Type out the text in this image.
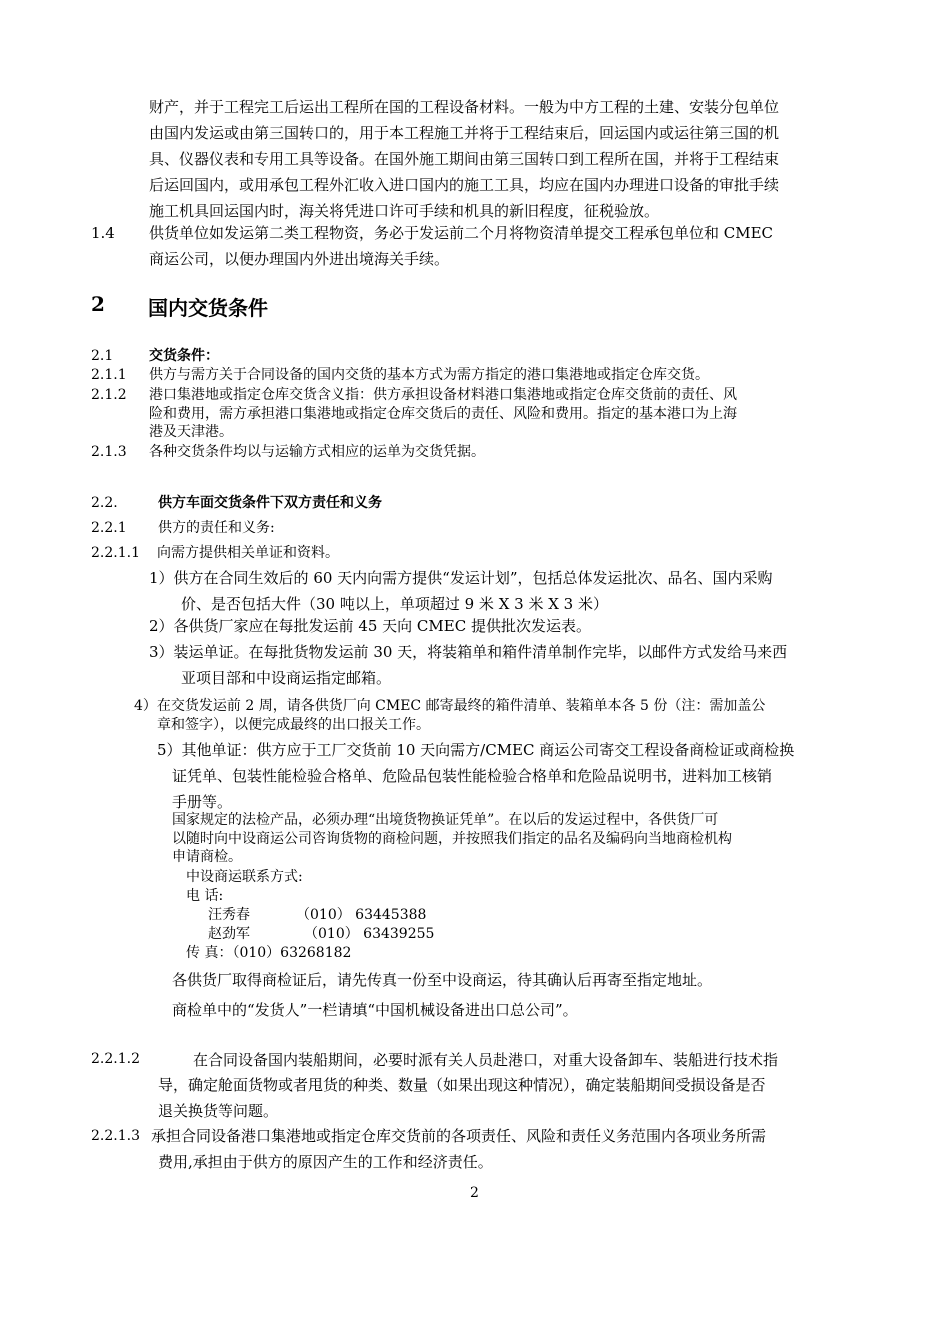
财产，并于工程完工后运出工程所在国的工程设备材料。一般为中方工程的土建、安装分包单位
由国内发运或由第三国转口的，用于本工程施工并将于工程结束后，回运国内或运往第三国的机
具、仪器仪表和专用工具等设备。在国外施工期间由第三国转口到工程所在国，并将于工程结束
后运回国内，或用承包工程外汇收入进口国内的施工工具，均应在国内办理进口设备的审批手续
施工机具回运国内时，海关将凭进口许可手续和机具的新旧程度，征税验放。
1.4 供货单位如发运第二类工程物资，务必于发运前二个月将物资清单提交工程承包单位和 CMEC
商运公司，以便办理国内外进出境海关手续。
2 国内交货条件
2.1	交货条件：
2.1.1 供方与需方关于合同设备的国内交货的基本方式为需方指定的港口集港地或指定仓库交货。
2.1.2 港口集港地或指定仓库交货含义指：供方承担设备材料港口集港地或指定仓库交货前的责任、风
险和费用，需方承担港口集港地或指定仓库交货后的责任、风险和费用。指定的基本港口为上海
港及天津港。
2.1.3 各种交货条件均以与运输方式相应的运单为交货凭据。
2.2.	供方车面交货条件下双方责任和义务
2.2.1 供方的责任和义务:
2.2.1.1 向需方提供相关单证和资料。
1）供方在合同生效后的 60 天内向需方提供“发运计划”，包括总体发运批次、品名、国内采购
价、是否包括大件（30 吨以上，单项超过 9 米 X 3 米 X 3 米）
2）各供货厂家应在每批发运前 45 天向 CMEC 提供批次发运表。
3）装运单证。在每批货物发运前 30 天，将装箱单和箱件清单制作完毕，以邮件方式发给马来西
亚项目部和中设商运指定邮箱。
4）在交货发运前 2 周，请各供货厂向 CMEC 邮寄最终的箱件清单、装箱单本各 5 份（注：需加盖公
章和签字），以便完成最终的出口报关工作。
5）其他单证：供方应于工厂交货前 10 天向需方/CMEC 商运公司寄交工程设备商检证或商检换
证凭单、包装性能检验合格单、危险品包装性能检验合格单和危险品说明书，进料加工核销
手册等。
国家规定的法检产品，必须办理“出境货物换证凭单”。在以后的发运过程中，各供货厂可
以随时向中设商运公司咨询货物的商检问题，并按照我们指定的品名及编码向当地商检机构
申请商检。
中设商运联系方式:
电 话:
汪秀春	（010） 63445388
赵劲军	（010） 63439255
传 真：（010）63268182
各供货厂取得商检证后，请先传真一份至中设商运，待其确认后再寄至指定地址。
商检单中的“发货人”一栏请填“中国机械设备进出口总公司”。
2.2.1.2	在合同设备国内装船期间，必要时派有关人员赴港口，对重大设备卸车、装船进行技术指
导，确定舱面货物或者甩货的种类、数量（如果出现这种情况），确定装船期间受损设备是否
退关换货等问题。
2.2.1.3 承担合同设备港口集港地或指定仓库交货前的各项责任、风险和责任义务范围内各项业务所需
费用,承担由于供方的原因产生的工作和经济责任。
2
